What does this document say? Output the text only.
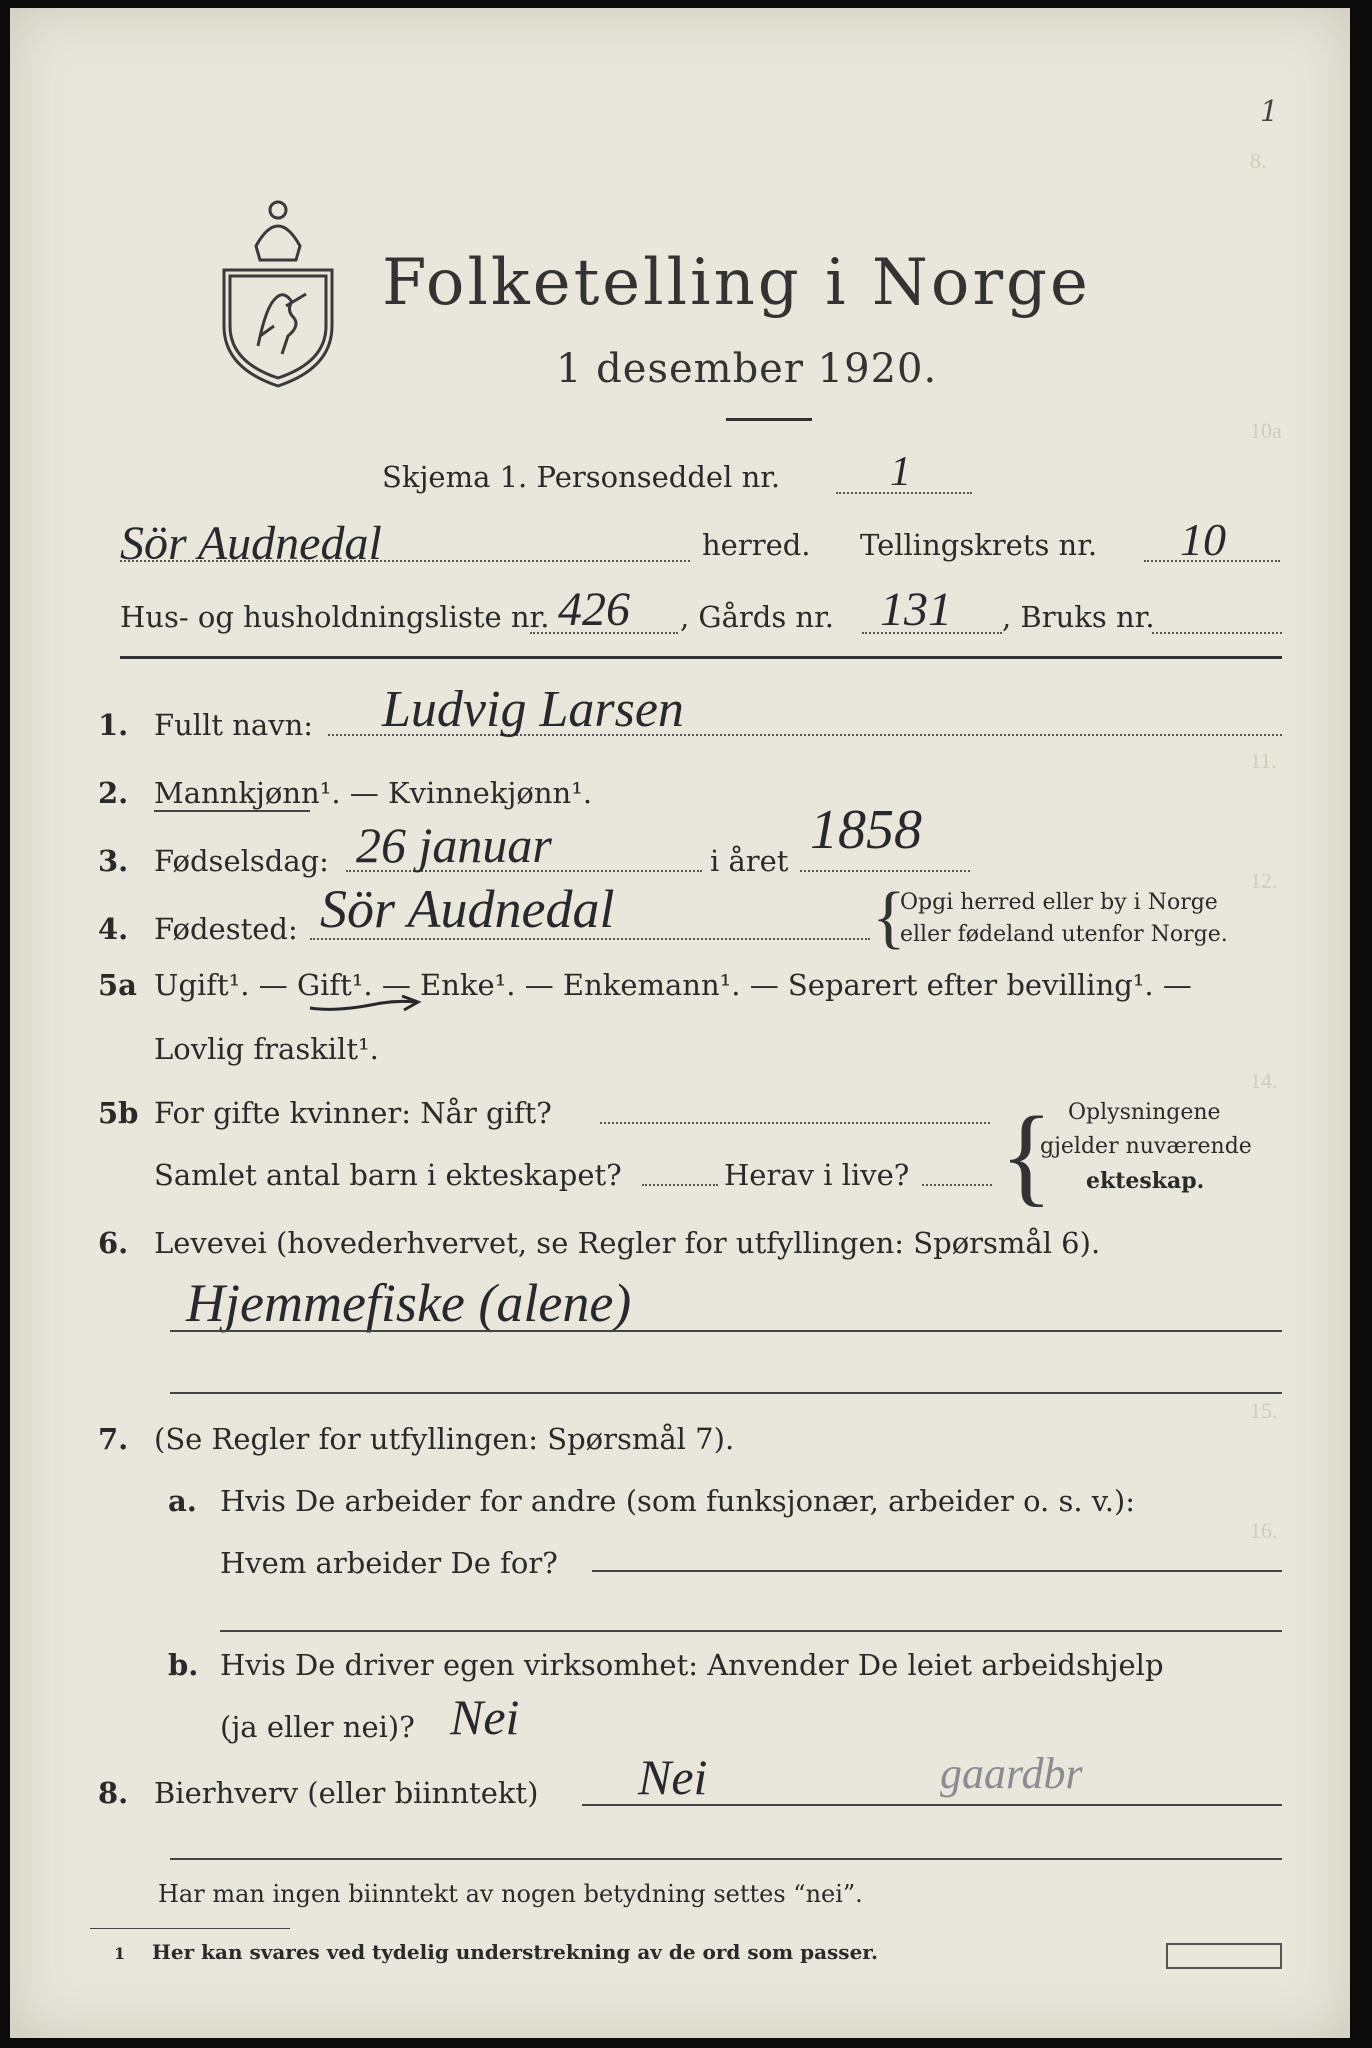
8.
10a
11.
12.
14.
15.
16.
1
Folketelling i Norge
1 desember 1920.
Skjema 1. Personseddel nr.	1
Sör Audnedal	herred. Tellingskrets nr. 10
Hus- og husholdningsliste nr. 426 , Gårds nr. 131 , Bruks nr.
1. Fullt navn: Ludvig Larsen
2. Mannkjønn¹. — Kvinnekjønn¹.
3. Fødselsdag: 26 januar	i året 1858
4. Fødested: Sör Audnedal	{
Opgi herred eller by i Norge
eller fødeland utenfor Norge.
5a Ugift¹. — Gift¹. — Enke¹. — Enkemann¹. — Separert efter bevilling¹. —
Lovlig fraskilt¹.
5b For gifte kvinner: Når gift?
Samlet antal barn i ekteskapet?	Herav i live? { Oplysningene
gjelder nuværende
ekteskap.
6. Levevei (hovederhvervet, se Regler for utfyllingen: Spørsmål 6).
Hjemmefiske (alene)
7. (Se Regler for utfyllingen: Spørsmål 7).
a. Hvis De arbeider for andre (som funksjonær, arbeider o. s. v.):
Hvem arbeider De for?
b. Hvis De driver egen virksomhet: Anvender De leiet arbeidshjelp
(ja eller nei)? Nei
8. Bierhverv (eller biinntekt) Nei	gaardbr
Har man ingen biinntekt av nogen betydning settes “nei”.
1 Her kan svares ved tydelig understrekning av de ord som passer.
